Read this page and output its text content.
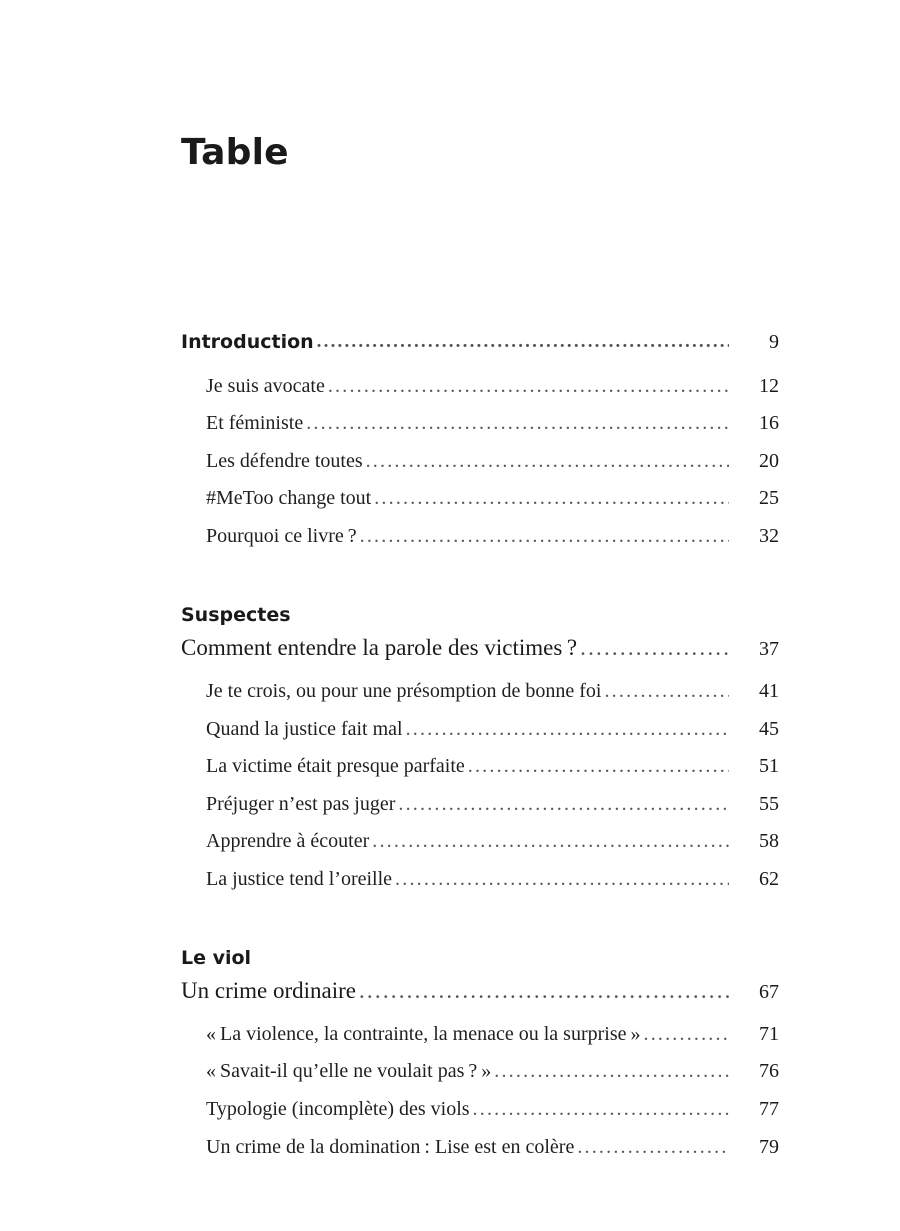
Table
Introduction .....	9
Je suis avocate .....	12
Et féministe .....	16
Les défendre toutes .....	20
#MeToo change tout .....	25
Pourquoi ce livre ? .....	32
Suspectes
Comment entendre la parole des victimes ? .....	37
Je te crois, ou pour une présomption de bonne foi .....	41
Quand la justice fait mal .....	45
La victime était presque parfaite .....	51
Préjuger n’est pas juger .....	55
Apprendre à écouter .....	58
La justice tend l’oreille .....	62
Le viol
Un crime ordinaire .....	67
« La violence, la contrainte, la menace ou la surprise » .....	71
« Savait-il qu’elle ne voulait pas ? » .....	76
Typologie (incomplète) des viols .....	77
Un crime de la domination : Lise est en colère .....	79
